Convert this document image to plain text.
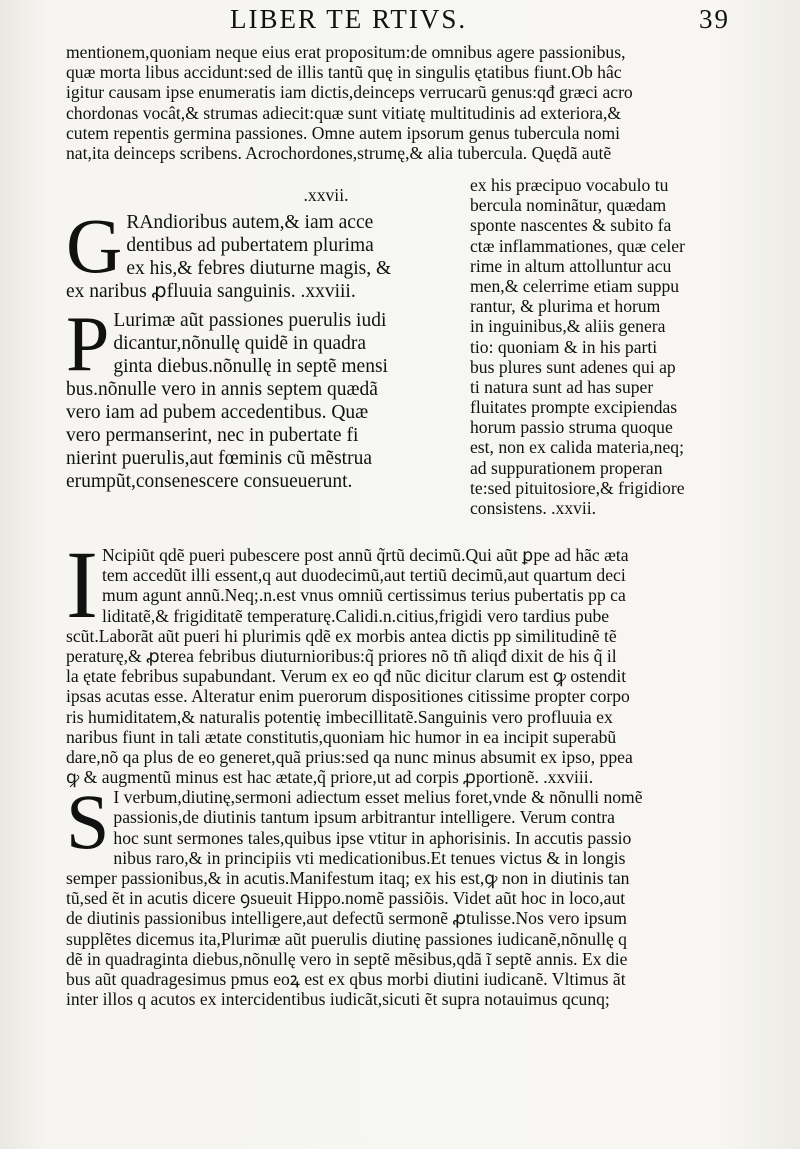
LIBER TE RTIVS.	39
mentionem,quoniam neque eius erat propositum:de omnibus agere passionibus,
quæ morta libus accidunt:sed de illis tantũ quę in singulis ętatibus fiunt.Ob hâc
igitur causam ipse enumeratis iam dictis,deinceps verrucarũ genus:qđ græci acro
chordonas vocât,& strumas adiecit:quæ sunt vitiatę multitudinis ad exteriora,&
cutem repentis germina passiones. Omne autem ipsorum genus tubercula nomi
nat,ita deinceps scribens. Acrochordones,strumę,& alia tubercula. Quędã autẽ
.xxvii.
G RAndioribus autem,& iam acce
dentibus ad pubertatem plurima
ex his,& febres diuturne magis, &
ex naribus ꝓfluuia sanguinis. .xxviii.
P Lurimæ aũt passiones puerulis iudi
dicantur,nõnullę quidẽ in quadra
ginta diebus.nõnullę in septẽ mensi
bus.nõnulle vero in annis septem quædã
vero iam ad pubem accedentibus. Quæ
vero permanserint, nec in pubertate fi
nierint puerulis,aut fœminis cũ mẽstrua
erumpũt,consenescere consueuerunt.
ex his præcipuo vocabulo tu
bercula nominãtur, quædam
sponte nascentes & subito fa
ctæ inflammationes, quæ celer
rime in altum attolluntur acu
men,& celerrime etiam suppu
rantur, & plurima et horum
in inguinibus,& aliis genera
tio: quoniam & in his parti
bus plures sunt adenes qui ap
ti natura sunt ad has super
fluitates prompte excipiendas
horum passio struma quoque
est, non ex calida materia,neq;
ad suppurationem properan
te:sed pituitosiore,& frigidiore
consistens. .xxvii.
I Ncipiũt qdẽ pueri pubescere post annũ q̃rtũ decimũ.Qui aũt ꝑpe ad hãc æta
tem accedũt illi essent,q aut duodecimũ,aut tertiũ decimũ,aut quartum deci
mum agunt annũ.Neq;.n.est vnus omniũ certissimus terius pubertatis pp ca
liditatẽ,& frigiditatẽ temperaturę.Calidi.n.citius,frigidi vero tardius pube
scũt.Laborãt aũt pueri hi plurimis qdẽ ex morbis antea dictis pp similitudinẽ tẽ
peraturę,& ꝓterea febribus diuturnioribus:q̃ priores nõ tñ aliqđ dixit de his q̃ il
la ętate febribus supabundant. Verum ex eo qđ nũc dicitur clarum est ꝙ ostendit
ipsas acutas esse. Alteratur enim puerorum dispositiones citissime propter corpo
ris humiditatem,& naturalis potentię imbecillitatẽ.Sanguinis vero profluuia ex
naribus fiunt in tali ætate constitutis,quoniam hic humor in ea incipit superabũ
dare,nõ qa plus de eo generet,quã prius:sed qa nunc minus absumit ex ipso, ppea
ꝙ & augmentũ minus est hac ætate,q̃ priore,ut ad corpis ꝓportionẽ. .xxviii.
S I verbum,diutinę,sermoni adiectum esset melius foret,vnde & nõnulli nomẽ
passionis,de diutinis tantum ipsum arbitrantur intelligere. Verum contra
hoc sunt sermones tales,quibus ipse vtitur in aphorisinis. In accutis passio
nibus raro,& in principiis vti medicationibus.Et tenues victus & in longis
semper passionibus,& in acutis.Manifestum itaq; ex his est,ꝙ non in diutinis tan
tũ,sed ẽt in acutis dicere ꝯsueuit Hippo.nomẽ passiõis. Videt aũt hoc in loco,aut
de diutinis passionibus intelligere,aut defectũ sermonẽ ꝓtulisse.Nos vero ipsum
supplẽtes dicemus ita,Plurimæ aũt puerulis diutinę passiones iudicanẽ,nõnullę q
dẽ in quadraginta diebus,nõnullę vero in septẽ mẽsibus,qdã ĩ septẽ annis. Ex die
bus aũt quadragesimus pmus eoꝝ est ex qbus morbi diutini iudicanẽ. Vltimus ãt
inter illos q acutos ex intercidentibus iudicãt,sicuti ẽt supra notauimus qcunq;
